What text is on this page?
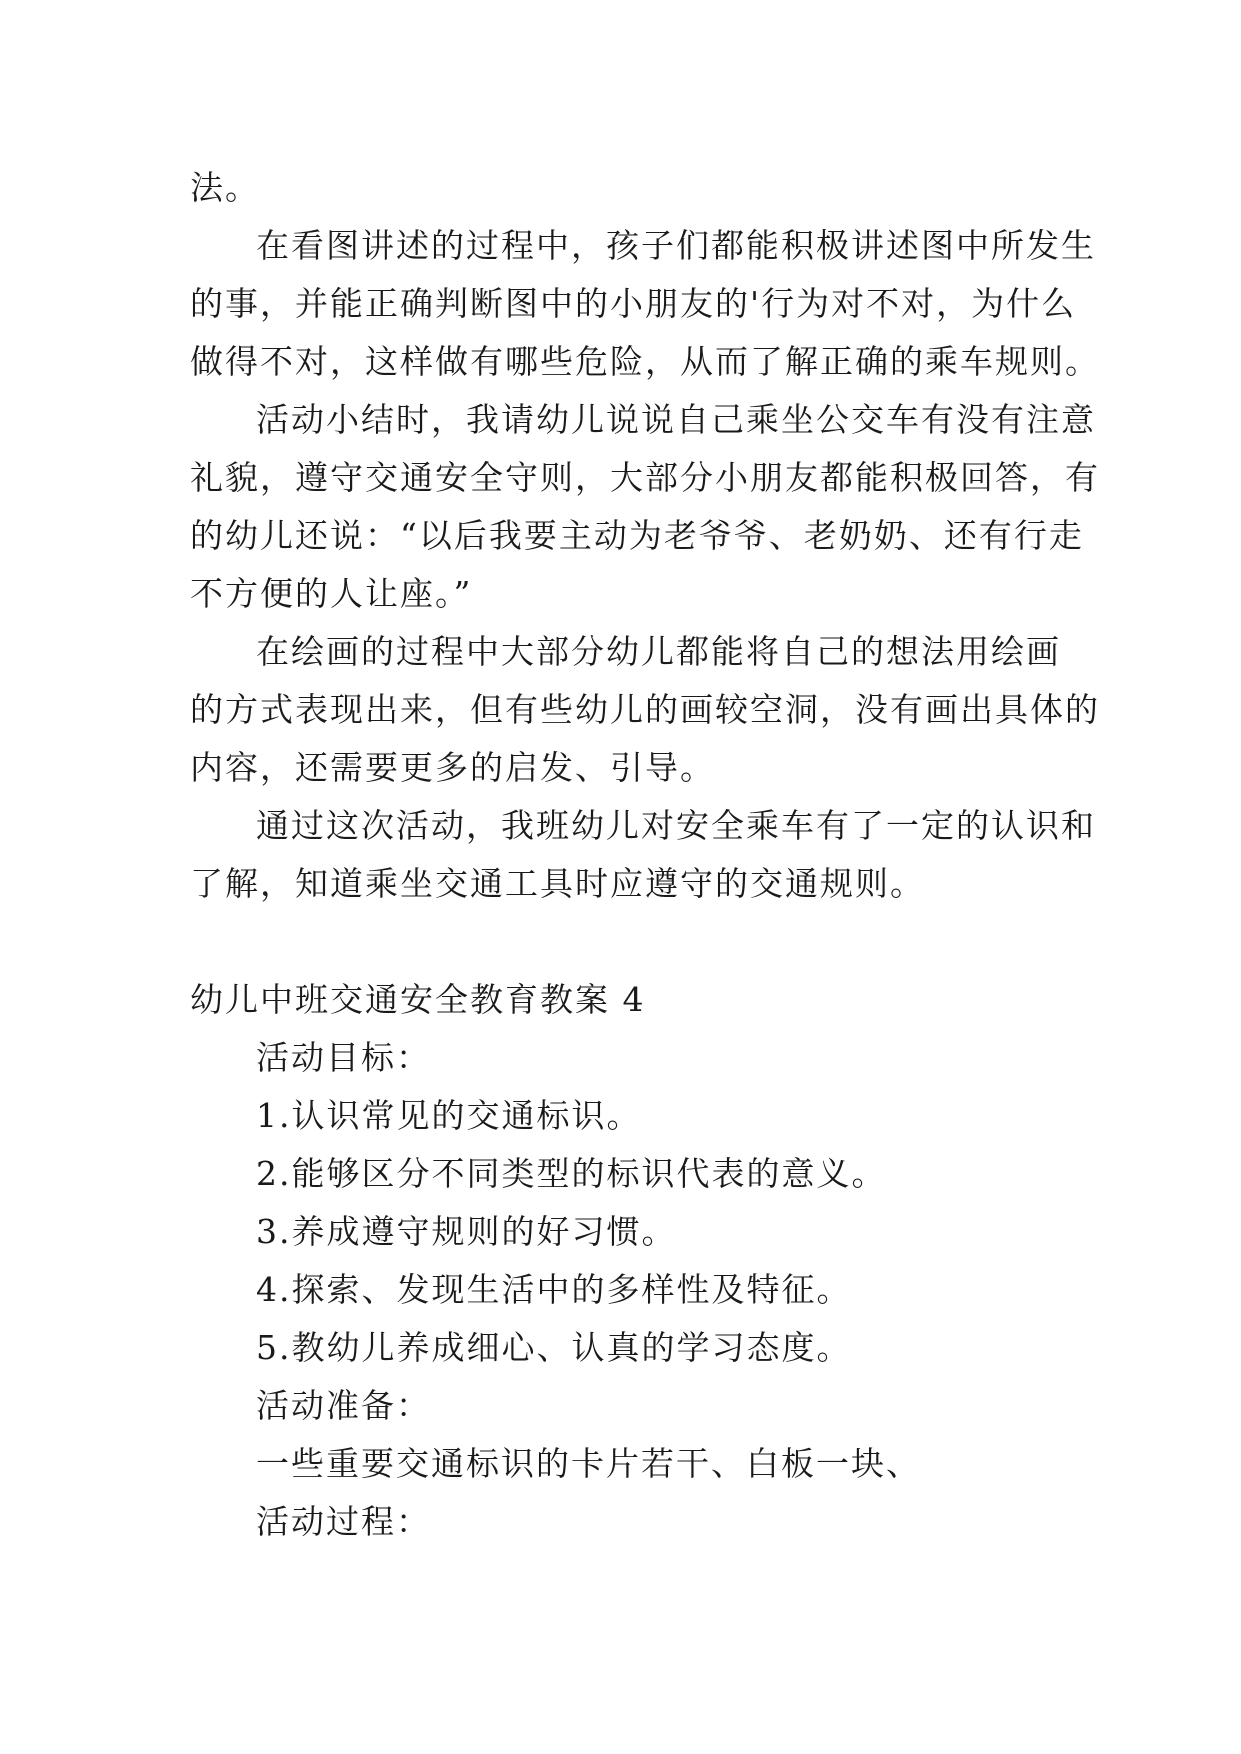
法。
在看图讲述的过程中，孩子们都能积极讲述图中所发生
的事，并能正确判断图中的小朋友的'行为对不对，为什么
做得不对，这样做有哪些危险，从而了解正确的乘车规则。
活动小结时，我请幼儿说说自己乘坐公交车有没有注意
礼貌，遵守交通安全守则，大部分小朋友都能积极回答，有
的幼儿还说：“以后我要主动为老爷爷、老奶奶、还有行走
不方便的人让座。”
在绘画的过程中大部分幼儿都能将自己的想法用绘画
的方式表现出来，但有些幼儿的画较空洞，没有画出具体的
内容，还需要更多的启发、引导。
通过这次活动，我班幼儿对安全乘车有了一定的认识和
了解，知道乘坐交通工具时应遵守的交通规则。
幼儿中班交通安全教育教案 4
活动目标：
1.认识常见的交通标识。
2.能够区分不同类型的标识代表的意义。
3.养成遵守规则的好习惯。
4.探索、发现生活中的多样性及特征。
5.教幼儿养成细心、认真的学习态度。
活动准备：
一些重要交通标识的卡片若干、白板一块、
活动过程：
